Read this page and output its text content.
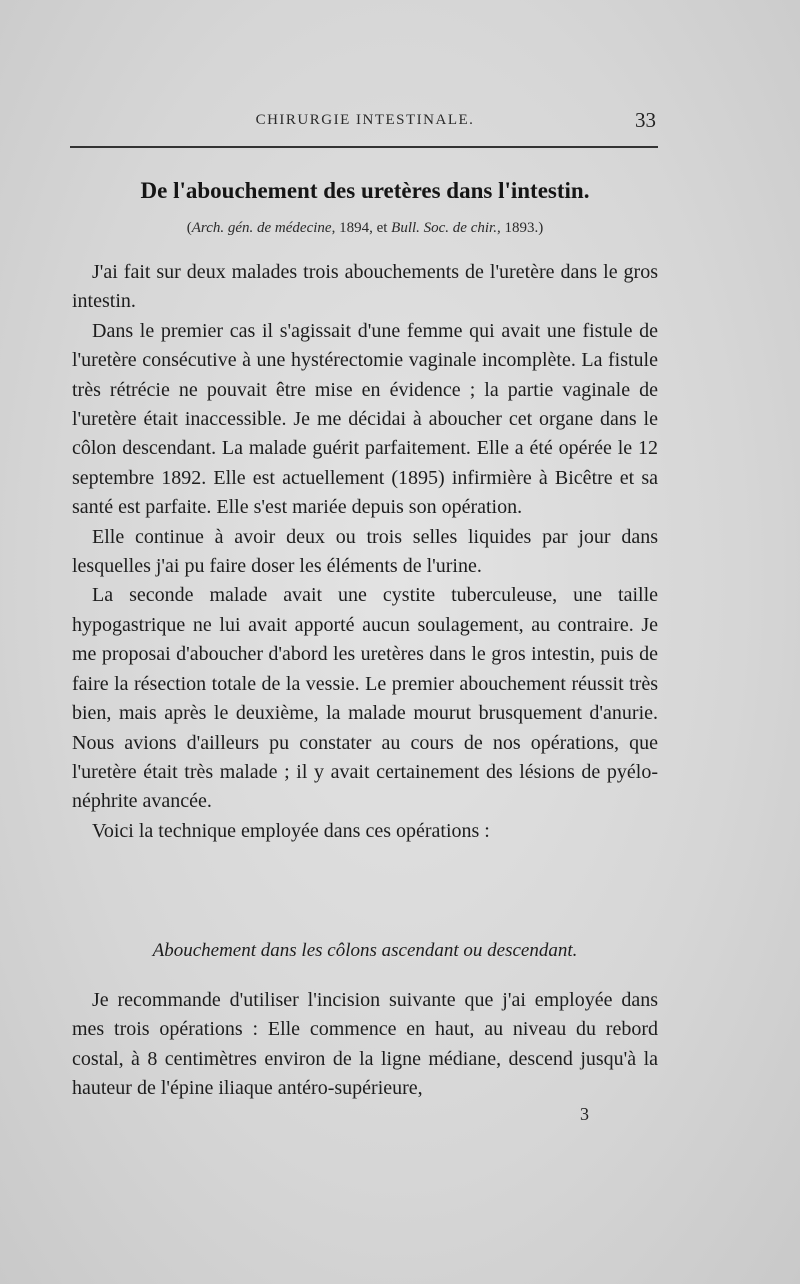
CHIRURGIE INTESTINALE.	33
De l'abouchement des uretères dans l'intestin.
(Arch. gén. de médecine, 1894, et Bull. Soc. de chir., 1893.)

J'ai fait sur deux malades trois abouchements de l'uretère dans le gros intestin.

Dans le premier cas il s'agissait d'une femme qui avait une fistule de l'uretère consécutive à une hystérectomie vaginale incomplète. La fistule très rétrécie ne pouvait être mise en évidence ; la partie vaginale de l'uretère était inaccessible. Je me décidai à aboucher cet organe dans le côlon descendant. La malade guérit parfaitement. Elle a été opérée le 12 septembre 1892. Elle est actuellement (1895) infirmière à Bicêtre et sa santé est parfaite. Elle s'est mariée depuis son opération.

Elle continue à avoir deux ou trois selles liquides par jour dans lesquelles j'ai pu faire doser les éléments de l'urine.

La seconde malade avait une cystite tuberculeuse, une taille hypogastrique ne lui avait apporté aucun soulagement, au contraire. Je me proposai d'aboucher d'abord les uretères dans le gros intestin, puis de faire la résection totale de la vessie. Le premier abouchement réussit très bien, mais après le deuxième, la malade mourut brusquement d'anurie. Nous avions d'ailleurs pu constater au cours de nos opérations, que l'uretère était très malade ; il y avait certainement des lésions de pyélo-néphrite avancée.

Voici la technique employée dans ces opérations :

Abouchement dans les côlons ascendant ou descendant.

Je recommande d'utiliser l'incision suivante que j'ai employée dans mes trois opérations : Elle commence en haut, au niveau du rebord costal, à 8 centimètres environ de la ligne médiane, descend jusqu'à la hauteur de l'épine iliaque antéro-supérieure,

3
